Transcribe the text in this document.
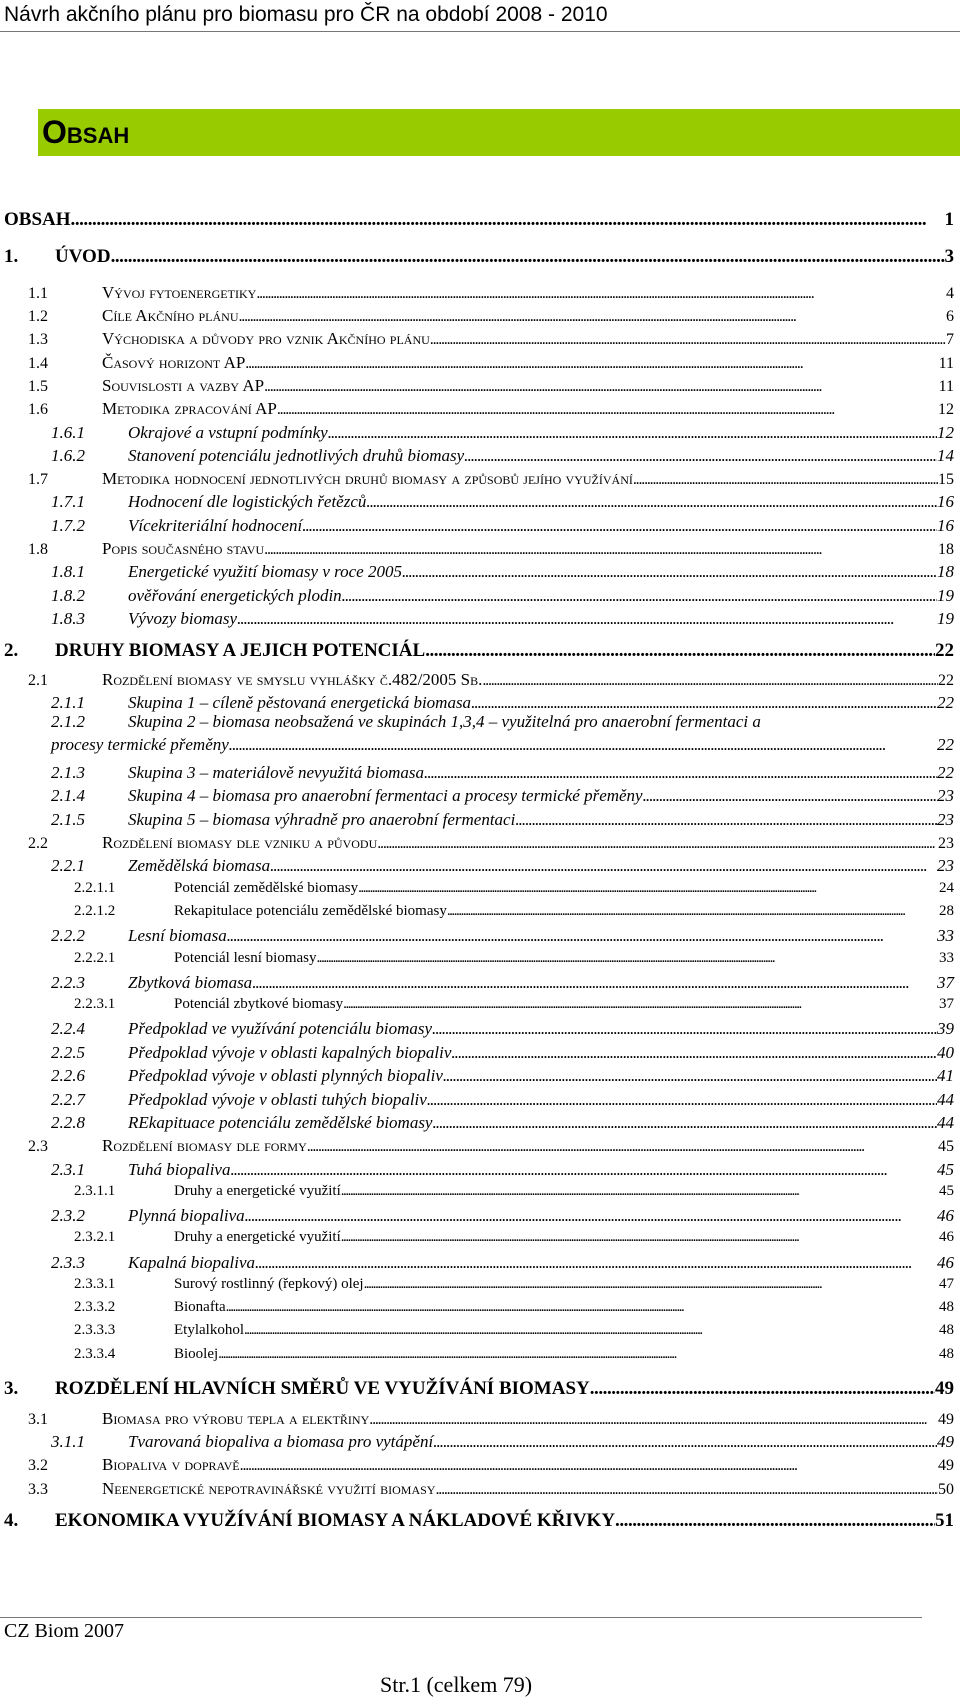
Návrh akčního plánu pro biomasu pro ČR na období 2008 - 2010
Obsah
OBSAH . . .	1
1.	ÚVOD . . .	3
1.1	Vývoj fytoenergetiky . . .	4
1.2	Cíle Akčního plánu . . .	6
1.3	Východiska a důvody pro vznik Akčního plánu . . .	7
1.4	Časový horizont AP . . .	11
1.5	Souvislosti a vazby AP . . .	11
1.6	Metodika zpracování AP . . .	12
1.6.1	Okrajové a vstupní podmínky . . .	12
1.6.2	Stanovení potenciálu jednotlivých druhů biomasy . . .	14
1.7	Metodika hodnocení jednotlivých druhů biomasy a způsobů jejího využívání . . .	15
1.7.1	Hodnocení dle logistických řetězců . . .	16
1.7.2	Vícekriteriální hodnocení . . .	16
1.8	Popis současného stavu . . .	18
1.8.1	Energetické využití biomasy v roce 2005 . . .	18
1.8.2	ověřování energetických plodin . . .	19
1.8.3	Vývozy biomasy . . .	19
2.	DRUHY BIOMASY A JEJICH POTENCIÁL . . .	22
2.1	Rozdělení biomasy ve smyslu vyhlášky č.482/2005 Sb. . . .	22
2.1.1	Skupina 1 – cíleně pěstovaná energetická biomasa . . .	22
2.1.2	Skupina 2 – biomasa neobsažená ve skupinách 1,3,4 – využitelná pro anaerobní fermentaci a
procesy termické přeměny . . .	22
2.1.3	Skupina 3 – materiálově nevyužitá biomasa . . .	22
2.1.4	Skupina 4 – biomasa pro anaerobní fermentaci a procesy termické přeměny . . .	23
2.1.5	Skupina 5 – biomasa výhradně pro anaerobní fermentaci . . .	23
2.2	Rozdělení biomasy dle vzniku a původu . . .	23
2.2.1	Zemědělská biomasa . . .	23
2.2.1.1	Potenciál zemědělské biomasy . . .	24
2.2.1.2	Rekapitulace potenciálu zemědělské biomasy . . .	28
2.2.2	Lesní biomasa . . .	33
2.2.2.1	Potenciál lesní biomasy . . .	33
2.2.3	Zbytková biomasa . . .	37
2.2.3.1	Potenciál zbytkové biomasy . . .	37
2.2.4	Předpoklad ve využívání potenciálu biomasy . . .	39
2.2.5	Předpoklad vývoje v oblasti kapalných biopaliv . . .	40
2.2.6	Předpoklad vývoje v oblasti plynných biopaliv . . .	41
2.2.7	Předpoklad vývoje v oblasti tuhých biopaliv . . .	44
2.2.8	REkapituace potenciálu zemědělské biomasy . . .	44
2.3	Rozdělení biomasy dle formy . . .	45
2.3.1	Tuhá biopaliva . . .	45
2.3.1.1	Druhy a energetické využití . . .	45
2.3.2	Plynná biopaliva . . .	46
2.3.2.1	Druhy a energetické využití . . .	46
2.3.3	Kapalná biopaliva . . .	46
2.3.3.1	Surový rostlinný (řepkový) olej . . .	47
2.3.3.2	Bionafta . . .	48
2.3.3.3	Etylalkohol . . .	48
2.3.3.4	Bioolej . . .	48
3.	ROZDĚLENÍ HLAVNÍCH SMĚRŮ VE VYUŽÍVÁNÍ BIOMASY . . .	49
3.1	Biomasa pro výrobu tepla a elektřiny . . .	49
3.1.1	Tvarovaná biopaliva a biomasa pro vytápění . . .	49
3.2	Biopaliva v dopravě . . .	49
3.3	Neenergetické nepotravinářské využití biomasy . . .	50
4.	EKONOMIKA VYUŽÍVÁNÍ BIOMASY A NÁKLADOVÉ KŘIVKY . . .	51
CZ Biom 2007
Str.1 (celkem 79)
